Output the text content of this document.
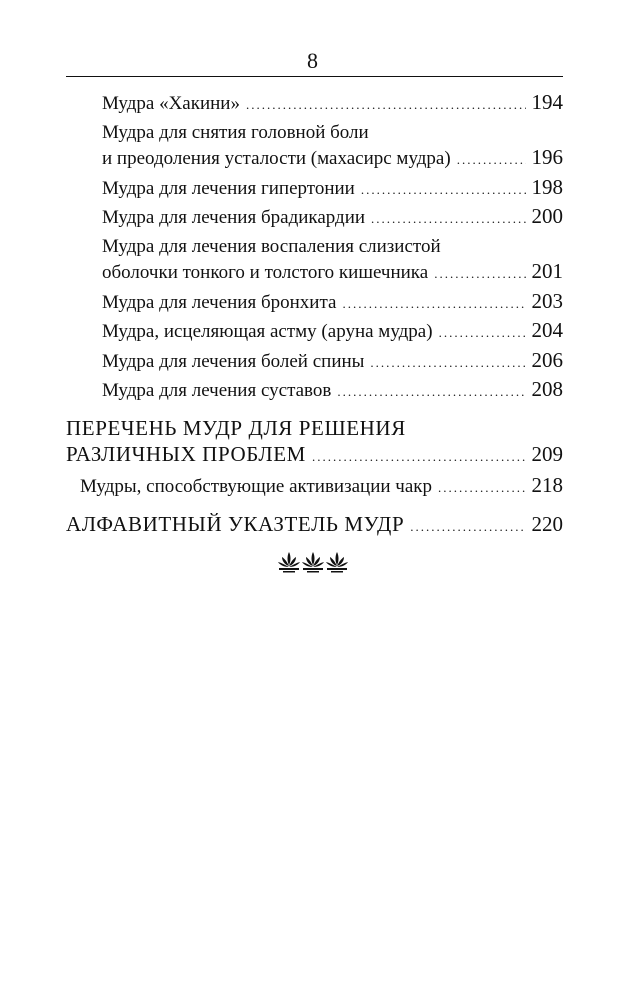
8
Мудра «Хакини» .....	194
Мудра для снятия головной боли
и преодоления усталости (махасирс мудра) .....	196
Мудра для лечения гипертонии .....	198
Мудра для лечения брадикардии .....	200
Мудра для лечения воспаления слизистой
оболочки тонкого и толстого кишечника .....	201
Мудра для лечения бронхита .....	203
Мудра, исцеляющая астму (аруна мудра) .....	204
Мудра для лечения болей спины .....	206
Мудра для лечения суставов .....	208
ПЕРЕЧЕНЬ МУДР ДЛЯ РЕШЕНИЯ
РАЗЛИЧНЫХ ПРОБЛЕМ .....	209
Мудры, способствующие активизации чакр .....	218
АЛФАВИТНЫЙ УКАЗТЕЛЬ МУДР .....	220
